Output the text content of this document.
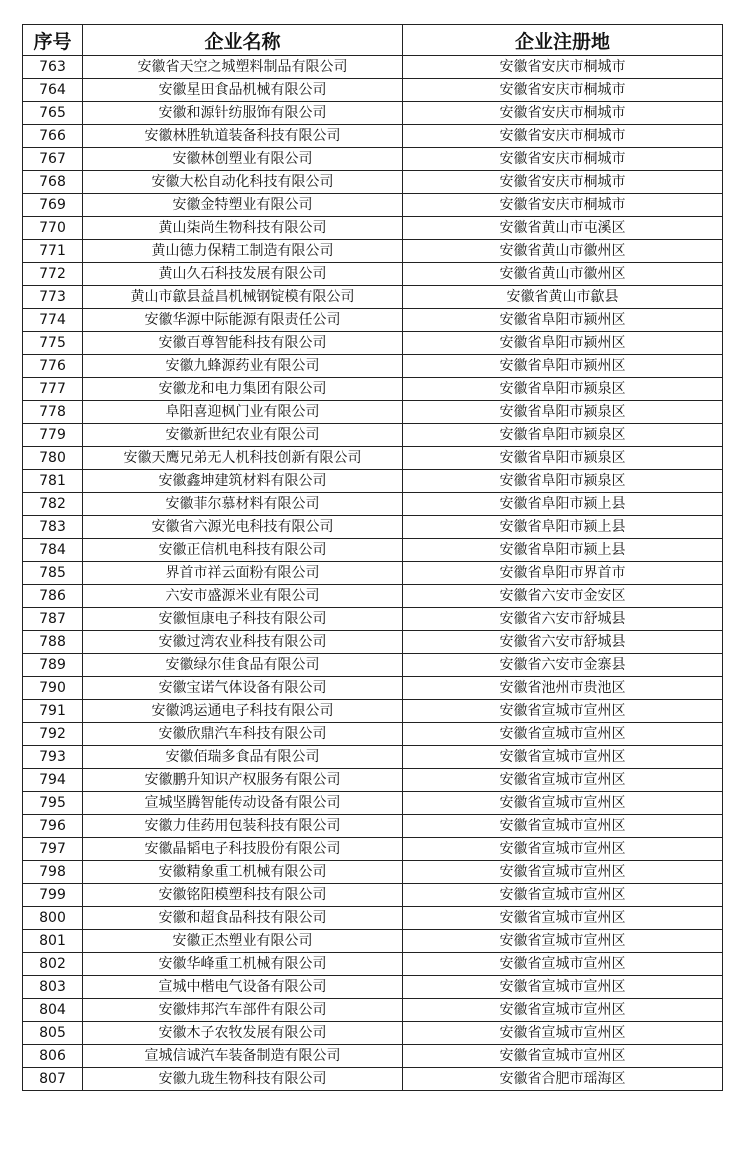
序号	企业名称	企业注册地
763	安徽省天空之城塑料制品有限公司	安徽省安庆市桐城市
764	安徽星田食品机械有限公司	安徽省安庆市桐城市
765	安徽和源针纺服饰有限公司	安徽省安庆市桐城市
766	安徽林胜轨道装备科技有限公司	安徽省安庆市桐城市
767	安徽林创塑业有限公司	安徽省安庆市桐城市
768	安徽大松自动化科技有限公司	安徽省安庆市桐城市
769	安徽金特塑业有限公司	安徽省安庆市桐城市
770	黄山柒尚生物科技有限公司	安徽省黄山市屯溪区
771	黄山德力保精工制造有限公司	安徽省黄山市徽州区
772	黄山久石科技发展有限公司	安徽省黄山市徽州区
773	黄山市歙县益昌机械钢锭模有限公司	安徽省黄山市歙县
774	安徽华源中际能源有限责任公司	安徽省阜阳市颍州区
775	安徽百尊智能科技有限公司	安徽省阜阳市颍州区
776	安徽九蜂源药业有限公司	安徽省阜阳市颍州区
777	安徽龙和电力集团有限公司	安徽省阜阳市颍泉区
778	阜阳喜迎枫门业有限公司	安徽省阜阳市颍泉区
779	安徽新世纪农业有限公司	安徽省阜阳市颍泉区
780	安徽天鹰兄弟无人机科技创新有限公司	安徽省阜阳市颍泉区
781	安徽鑫坤建筑材料有限公司	安徽省阜阳市颍泉区
782	安徽菲尔慕材料有限公司	安徽省阜阳市颍上县
783	安徽省六源光电科技有限公司	安徽省阜阳市颍上县
784	安徽正信机电科技有限公司	安徽省阜阳市颍上县
785	界首市祥云面粉有限公司	安徽省阜阳市界首市
786	六安市盛源米业有限公司	安徽省六安市金安区
787	安徽恒康电子科技有限公司	安徽省六安市舒城县
788	安徽过湾农业科技有限公司	安徽省六安市舒城县
789	安徽绿尔佳食品有限公司	安徽省六安市金寨县
790	安徽宝诺气体设备有限公司	安徽省池州市贵池区
791	安徽鸿运通电子科技有限公司	安徽省宣城市宣州区
792	安徽欣鼎汽车科技有限公司	安徽省宣城市宣州区
793	安徽佰瑞多食品有限公司	安徽省宣城市宣州区
794	安徽鹏升知识产权服务有限公司	安徽省宣城市宣州区
795	宣城坚腾智能传动设备有限公司	安徽省宣城市宣州区
796	安徽力佳药用包装科技有限公司	安徽省宣城市宣州区
797	安徽晶韬电子科技股份有限公司	安徽省宣城市宣州区
798	安徽精象重工机械有限公司	安徽省宣城市宣州区
799	安徽铭阳模塑科技有限公司	安徽省宣城市宣州区
800	安徽和超食品科技有限公司	安徽省宣城市宣州区
801	安徽正杰塑业有限公司	安徽省宣城市宣州区
802	安徽华峰重工机械有限公司	安徽省宣城市宣州区
803	宣城中楷电气设备有限公司	安徽省宣城市宣州区
804	安徽炜邦汽车部件有限公司	安徽省宣城市宣州区
805	安徽木子农牧发展有限公司	安徽省宣城市宣州区
806	宣城信诚汽车装备制造有限公司	安徽省宣城市宣州区
807	安徽九珑生物科技有限公司	安徽省合肥市瑶海区
